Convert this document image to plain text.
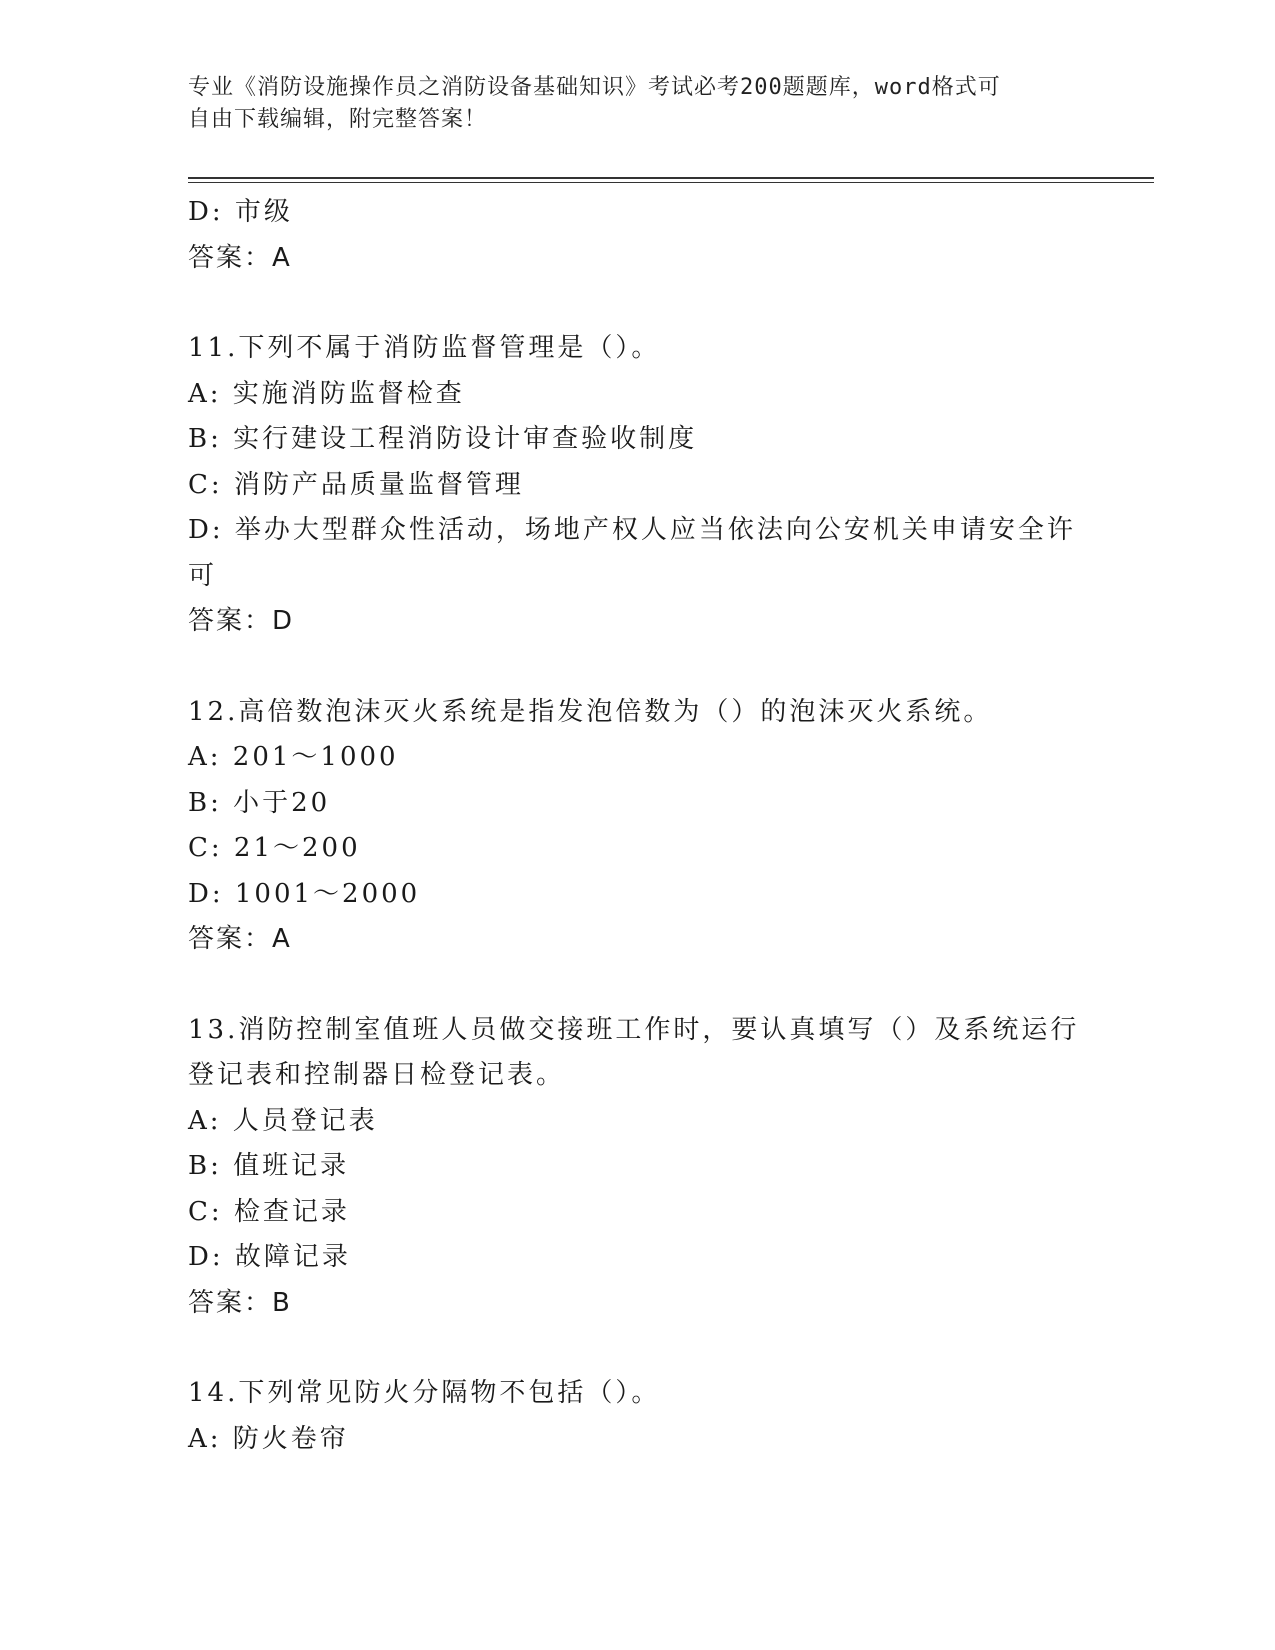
专业《消防设施操作员之消防设备基础知识》考试必考200题题库，word格式可
自由下载编辑，附完整答案！
D: 市级
答案：A
11.下列不属于消防监督管理是（）。
A: 实施消防监督检查
B: 实行建设工程消防设计审查验收制度
C: 消防产品质量监督管理
D: 举办大型群众性活动，场地产权人应当依法向公安机关申请安全许
可
答案：D
12.高倍数泡沫灭火系统是指发泡倍数为（）的泡沫灭火系统。
A: 201～1000
B: 小于20
C: 21～200
D: 1001～2000
答案：A
13.消防控制室值班人员做交接班工作时，要认真填写（）及系统运行
登记表和控制器日检登记表。
A: 人员登记表
B: 值班记录
C: 检查记录
D: 故障记录
答案：B
14.下列常见防火分隔物不包括（）。
A: 防火卷帘
